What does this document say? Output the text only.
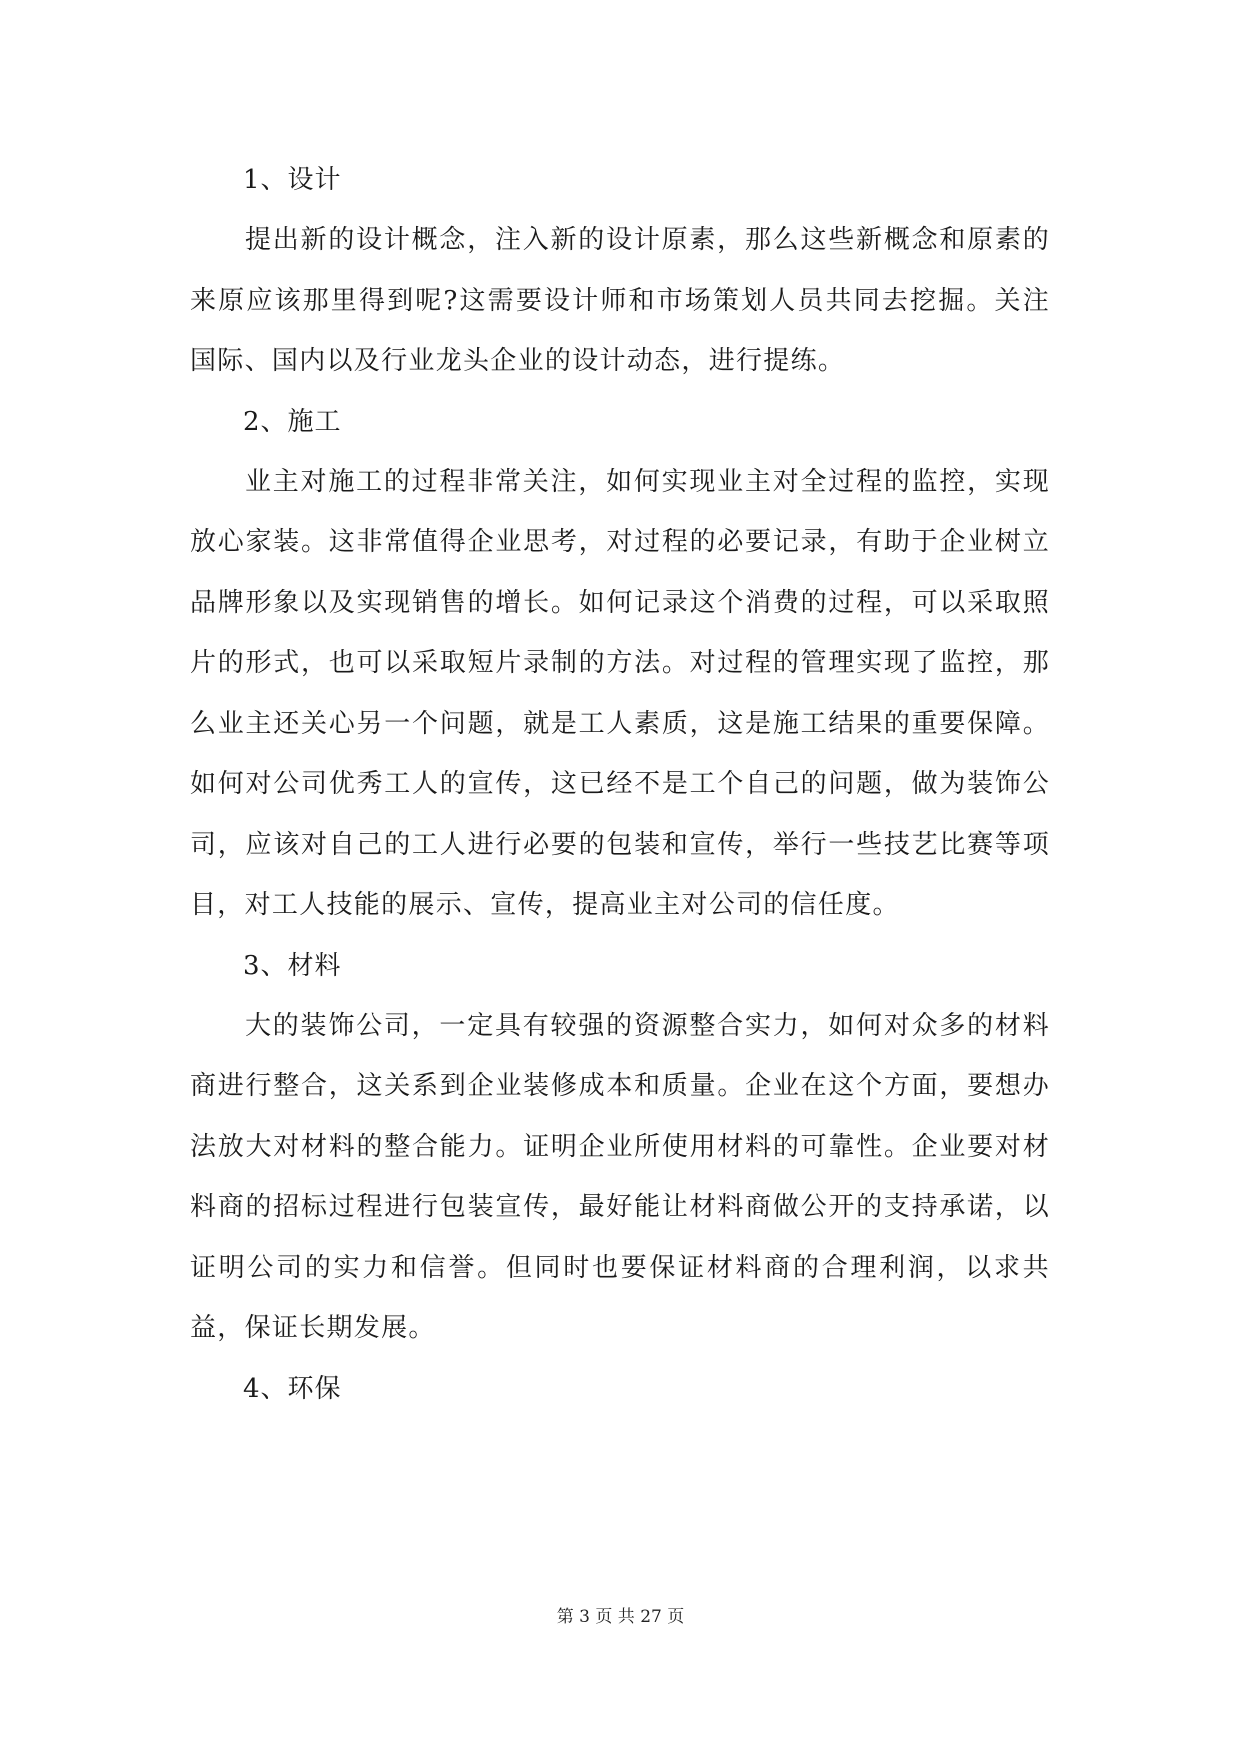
1、设计

提出新的设计概念，注入新的设计原素，那么这些新概念和原素的来原应该那里得到呢?这需要设计师和市场策划人员共同去挖掘。关注国际、国内以及行业龙头企业的设计动态，进行提练。

2、施工

业主对施工的过程非常关注，如何实现业主对全过程的监控，实现放心家装。这非常值得企业思考，对过程的必要记录，有助于企业树立品牌形象以及实现销售的增长。如何记录这个消费的过程，可以采取照片的形式，也可以采取短片录制的方法。对过程的管理实现了监控，那么业主还关心另一个问题，就是工人素质，这是施工结果的重要保障。如何对公司优秀工人的宣传，这已经不是工个自己的问题，做为装饰公司，应该对自己的工人进行必要的包装和宣传，举行一些技艺比赛等项目，对工人技能的展示、宣传，提高业主对公司的信任度。

3、材料

大的装饰公司，一定具有较强的资源整合实力，如何对众多的材料商进行整合，这关系到企业装修成本和质量。企业在这个方面，要想办法放大对材料的整合能力。证明企业所使用材料的可靠性。企业要对材料商的招标过程进行包装宣传，最好能让材料商做公开的支持承诺，以证明公司的实力和信誉。但同时也要保证材料商的合理利润，以求共益，保证长期发展。

4、环保
第 3 页 共 27 页
